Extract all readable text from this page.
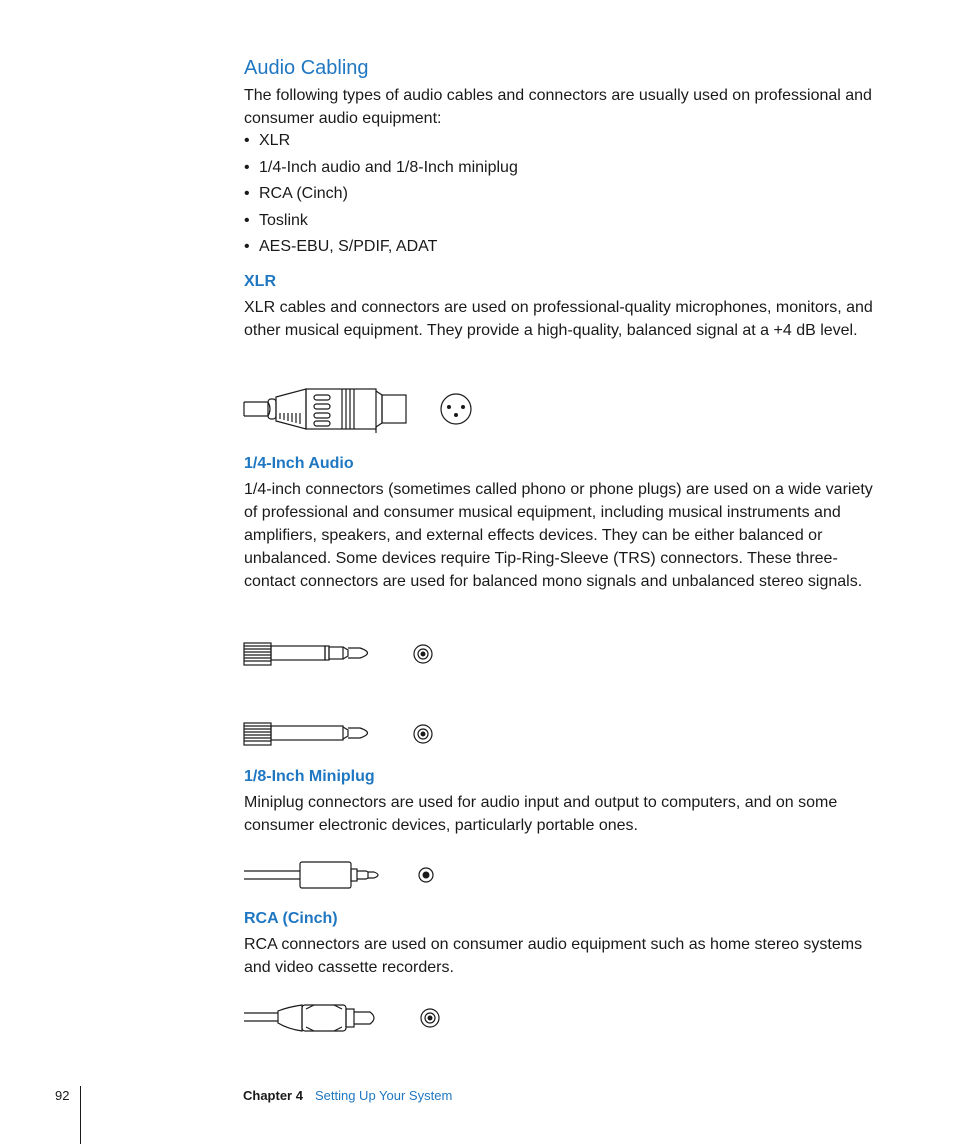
Audio Cabling

The following types of audio cables and connectors are usually used on professional and consumer audio equipment:

• XLR
• 1/4-Inch audio and 1/8-Inch miniplug
• RCA (Cinch)
• Toslink
• AES-EBU, S/PDIF, ADAT
XLR

XLR cables and connectors are used on professional-quality microphones, monitors, and other musical equipment. They provide a high-quality, balanced signal at a +4 dB level.

1/4-Inch Audio

1/4-inch connectors (sometimes called phono or phone plugs) are used on a wide variety of professional and consumer musical equipment, including musical instruments and amplifiers, speakers, and external effects devices. They can be either balanced or unbalanced. Some devices require Tip-Ring-Sleeve (TRS) connectors. These three-contact connectors are used for balanced mono signals and unbalanced stereo signals.

1/8-Inch Miniplug

Miniplug connectors are used for audio input and output to computers, and on some consumer electronic devices, particularly portable ones.

RCA (Cinch)

RCA connectors are used on consumer audio equipment such as home stereo systems and video cassette recorders.

92	Chapter 4 Setting Up Your System
